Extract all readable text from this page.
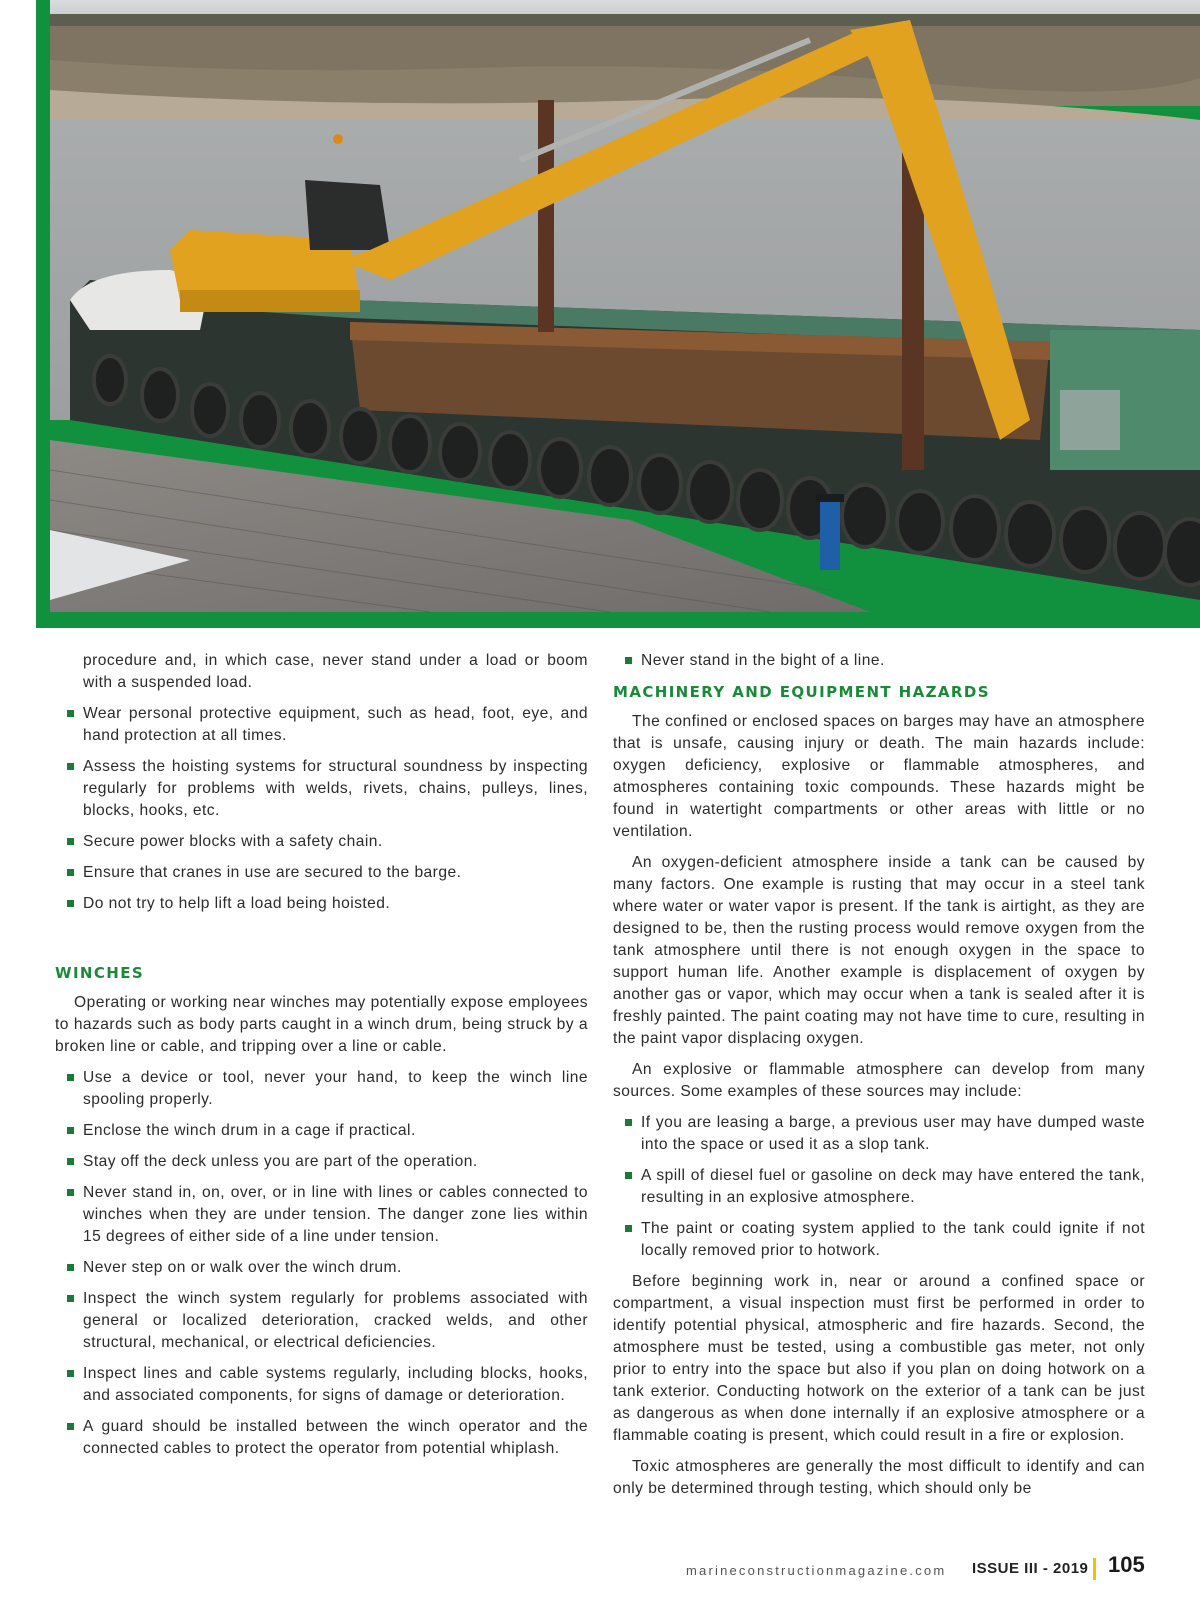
procedure and, in which case, never stand under a load or boom with a suspended load.
Wear personal protective equipment, such as head, foot, eye, and hand protection at all times.
Assess the hoisting systems for structural soundness by inspecting regularly for problems with welds, rivets, chains, pulleys, lines, blocks, hooks, etc.
Secure power blocks with a safety chain.
Ensure that cranes in use are secured to the barge.
Do not try to help lift a load being hoisted.
WINCHES

Operating or working near winches may potentially expose employees to hazards such as body parts caught in a winch drum, being struck by a broken line or cable, and tripping over a line or cable.

Use a device or tool, never your hand, to keep the winch line spooling properly.
Enclose the winch drum in a cage if practical.
Stay off the deck unless you are part of the operation.
Never stand in, on, over, or in line with lines or cables connected to winches when they are under tension. The danger zone lies within 15 degrees of either side of a line under tension.
Never step on or walk over the winch drum.
Inspect the winch system regularly for problems associated with general or localized deterioration, cracked welds, and other structural, mechanical, or electrical deficiencies.
Inspect lines and cable systems regularly, including blocks, hooks, and associated components, for signs of damage or deterioration.
A guard should be installed between the winch operator and the connected cables to protect the operator from potential whiplash.
Never stand in the bight of a line.
MACHINERY AND EQUIPMENT HAZARDS

The confined or enclosed spaces on barges may have an atmosphere that is unsafe, causing injury or death. The main hazards include: oxygen deficiency, explosive or flammable atmospheres, and atmospheres containing toxic compounds. These hazards might be found in watertight compartments or other areas with little or no ventilation.

An oxygen-deficient atmosphere inside a tank can be caused by many factors. One example is rusting that may occur in a steel tank where water or water vapor is present. If the tank is airtight, as they are designed to be, then the rusting process would remove oxygen from the tank atmosphere until there is not enough oxygen in the space to support human life. Another example is displacement of oxygen by another gas or vapor, which may occur when a tank is sealed after it is freshly painted. The paint coating may not have time to cure, resulting in the paint vapor displacing oxygen.

An explosive or flammable atmosphere can develop from many sources. Some examples of these sources may include:

If you are leasing a barge, a previous user may have dumped waste into the space or used it as a slop tank.
A spill of diesel fuel or gasoline on deck may have entered the tank, resulting in an explosive atmosphere.
The paint or coating system applied to the tank could ignite if not locally removed prior to hotwork.

Before beginning work in, near or around a confined space or compartment, a visual inspection must first be performed in order to identify potential physical, atmospheric and fire hazards. Second, the atmosphere must be tested, using a combustible gas meter, not only prior to entry into the space but also if you plan on doing hotwork on a tank exterior. Conducting hotwork on the exterior of a tank can be just as dangerous as when done internally if an explosive atmosphere or a flammable coating is present, which could result in a fire or explosion.

Toxic atmospheres are generally the most difficult to identify and can only be determined through testing, which should only be

marineconstructionmagazine.com ISSUE III - 2019 105
